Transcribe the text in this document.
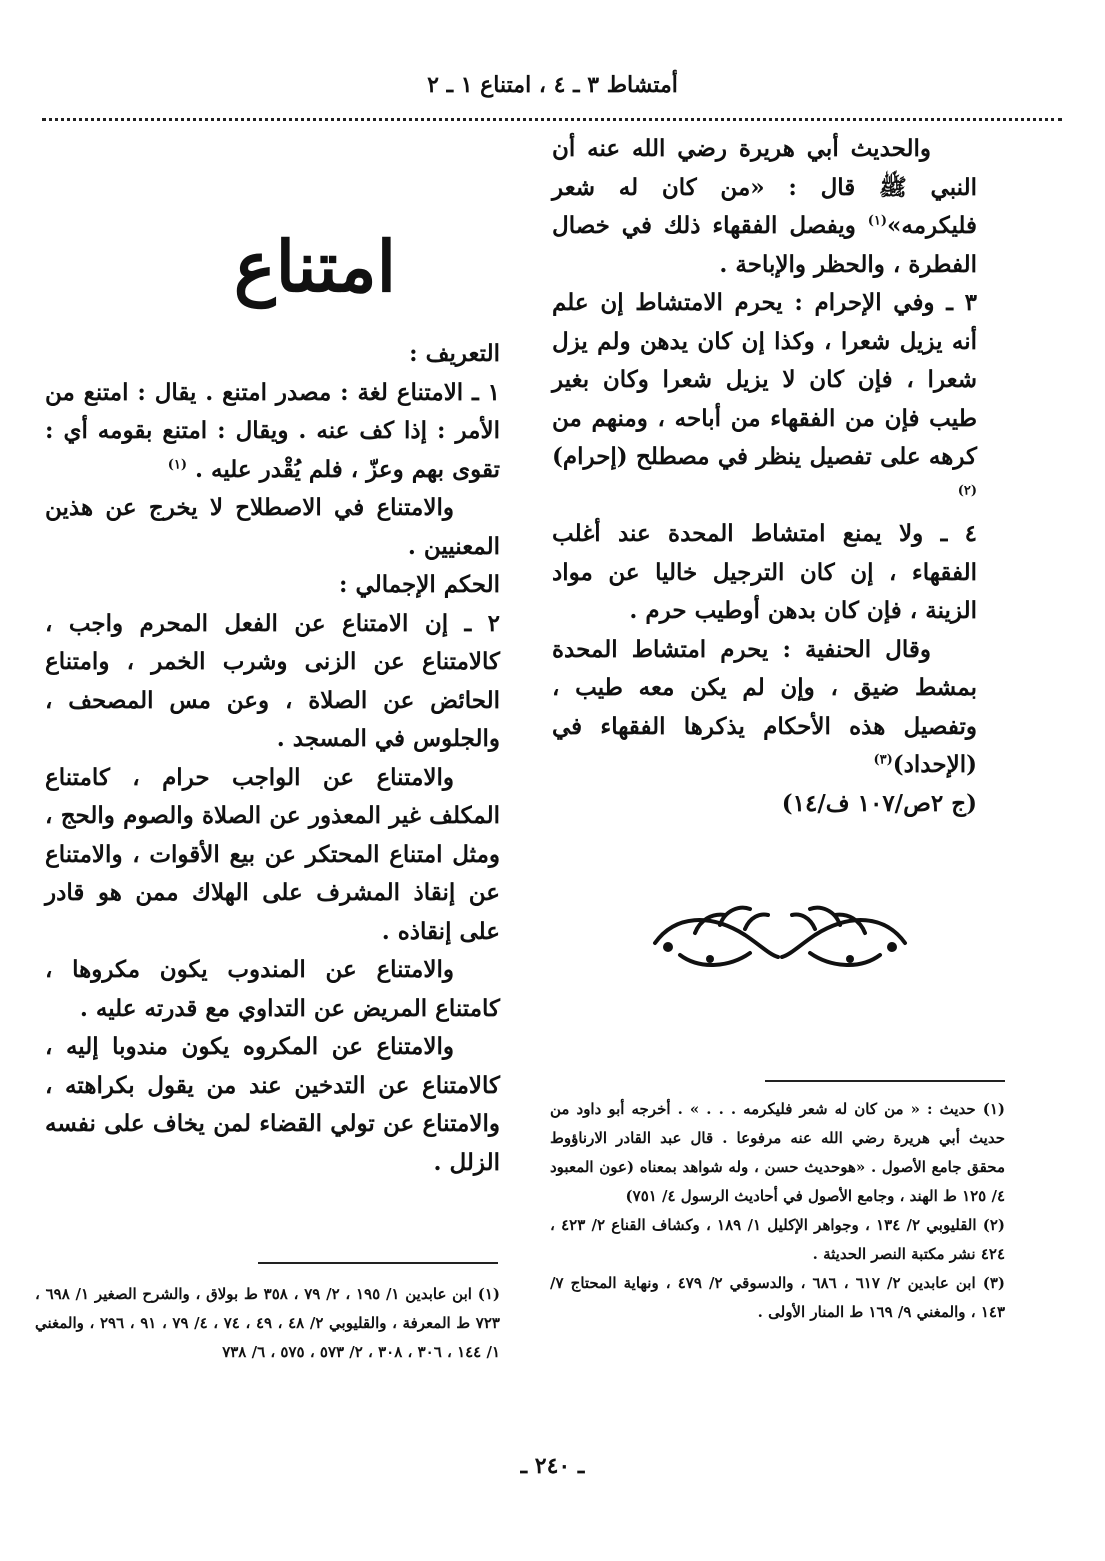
أمتشاط ٣ ـ ٤ ، امتناع ١ ـ ٢

والحديث أبي هريرة رضي الله عنه أن النبي ﷺ قال : «من كان له شعر فليكرمه»$^{(١)}$ ويفصل الفقهاء ذلك في خصال الفطرة ، والحظر والإباحة .

٣ ـ وفي الإحرام : يحرم الامتشاط إن علم أنه يزيل شعرا ، وكذا إن كان يدهن ولم يزل شعرا ، فإن كان لا يزيل شعرا وكان بغير طيب فإن من الفقهاء من أباحه ، ومنهم من كرهه على تفصيل ينظر في مصطلح (إحرام)$^{(٢)}$

٤ ـ ولا يمنع امتشاط المحدة عند أغلب الفقهاء ، إن كان الترجيل خاليا عن مواد الزينة ، فإن كان بدهن أوطيب حرم .

وقال الحنفية : يحرم امتشاط المحدة بمشط ضيق ، وإن لم يكن معه طيب ، وتفصيل هذه الأحكام يذكرها الفقهاء في (الإحداد)$^{(٣)}$

(ج ٢ص/١٠٧ ف/١٤)

امتناع

التعريف :

١ ـ الامتناع لغة : مصدر امتنع . يقال : امتنع من الأمر : إذا كف عنه . ويقال : امتنع بقومه أي : تقوى بهم وعزّ ، فلم يُقْدر عليه . $^{(١)}$

والامتناع في الاصطلاح لا يخرج عن هذين المعنيين .

الحكم الإجمالي :

٢ ـ إن الامتناع عن الفعل المحرم واجب ، كالامتناع عن الزنى وشرب الخمر ، وامتناع الحائض عن الصلاة ، وعن مس المصحف ، والجلوس في المسجد .

والامتناع عن الواجب حرام ، كامتناع المكلف غير المعذور عن الصلاة والصوم والحج ، ومثل امتناع المحتكر عن بيع الأقوات ، والامتناع عن إنقاذ المشرف على الهلاك ممن هو قادر على إنقاذه .

والامتناع عن المندوب يكون مكروها ، كامتناع المريض عن التداوي مع قدرته عليه .

والامتناع عن المكروه يكون مندوبا إليه ، كالامتناع عن التدخين عند من يقول بكراهته ، والامتناع عن تولي القضاء لمن يخاف على نفسه الزلل .

(١) حديث : « من كان له شعر فليكرمه . . . » . أخرجه أبو داود من حديث أبي هريرة رضي الله عنه مرفوعا . قال عبد القادر الارناؤوط محقق جامع الأصول . «هوحديث حسن ، وله شواهد بمعناه (عون المعبود ٤/ ١٢٥ ط الهند ، وجامع الأصول في أحاديث الرسول ٤/ ٧٥١)

(٢) القليوبي ٢/ ١٣٤ ، وجواهر الإكليل ١/ ١٨٩ ، وكشاف القناع ٢/ ٤٢٣ ، ٤٢٤ نشر مكتبة النصر الحديثة .

(٣) ابن عابدين ٢/ ٦١٧ ، ٦٨٦ ، والدسوقي ٢/ ٤٧٩ ، ونهاية المحتاج ٧/ ١٤٣ ، والمغني ٩/ ١٦٩ ط المنار الأولى .

(١) ابن عابدين ١/ ١٩٥ ، ٢/ ٧٩ ، ٣٥٨ ط بولاق ، والشرح الصغير ١/ ٦٩٨ ، ٧٢٣ ط المعرفة ، والقليوبي ٢/ ٤٨ ، ٤٩ ، ٧٤ ، ٤/ ٧٩ ، ٩١ ، ٢٩٦ ، والمغني ١/ ١٤٤ ، ٣٠٦ ، ٣٠٨ ، ٢/ ٥٧٣ ، ٥٧٥ ، ٦/ ٧٣٨

ـ ٢٤٠ ـ
